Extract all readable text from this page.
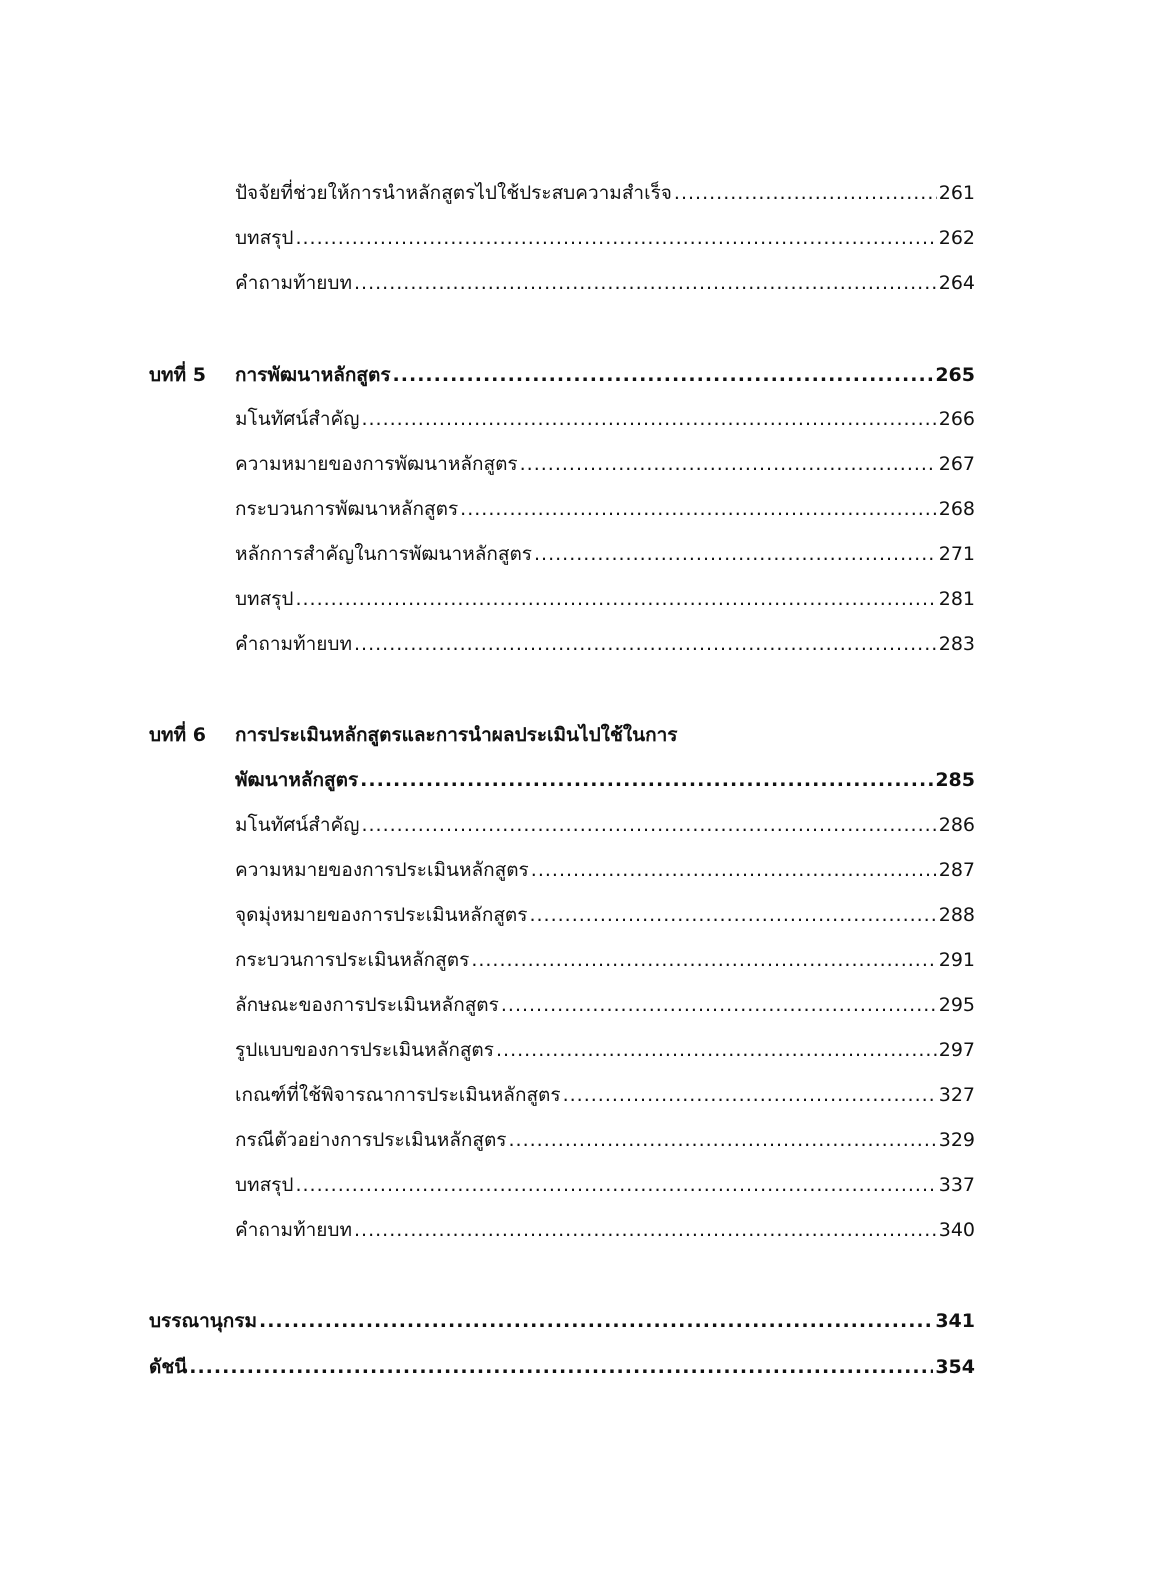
ปัจจัยที่ช่วยให้การนำหลักสูตรไปใช้ประสบความสำเร็จ .....	261
บทสรุป .....	262
คำถามท้ายบท .....	264
บทที่ 5	การพัฒนาหลักสูตร .....	265
มโนทัศน์สำคัญ .....	266
ความหมายของการพัฒนาหลักสูตร .....	267
กระบวนการพัฒนาหลักสูตร .....	268
หลักการสำคัญในการพัฒนาหลักสูตร .....	271
บทสรุป .....	281
คำถามท้ายบท .....	283
บทที่ 6	การประเมินหลักสูตรและการนำผลประเมินไปใช้ในการ
พัฒนาหลักสูตร .....	285
มโนทัศน์สำคัญ .....	286
ความหมายของการประเมินหลักสูตร .....	287
จุดมุ่งหมายของการประเมินหลักสูตร .....	288
กระบวนการประเมินหลักสูตร .....	291
ลักษณะของการประเมินหลักสูตร .....	295
รูปแบบของการประเมินหลักสูตร .....	297
เกณฑ์ที่ใช้พิจารณาการประเมินหลักสูตร .....	327
กรณีตัวอย่างการประเมินหลักสูตร .....	329
บทสรุป .....	337
คำถามท้ายบท .....	340
บรรณานุกรม .....	341
ดัชนี .....	354
